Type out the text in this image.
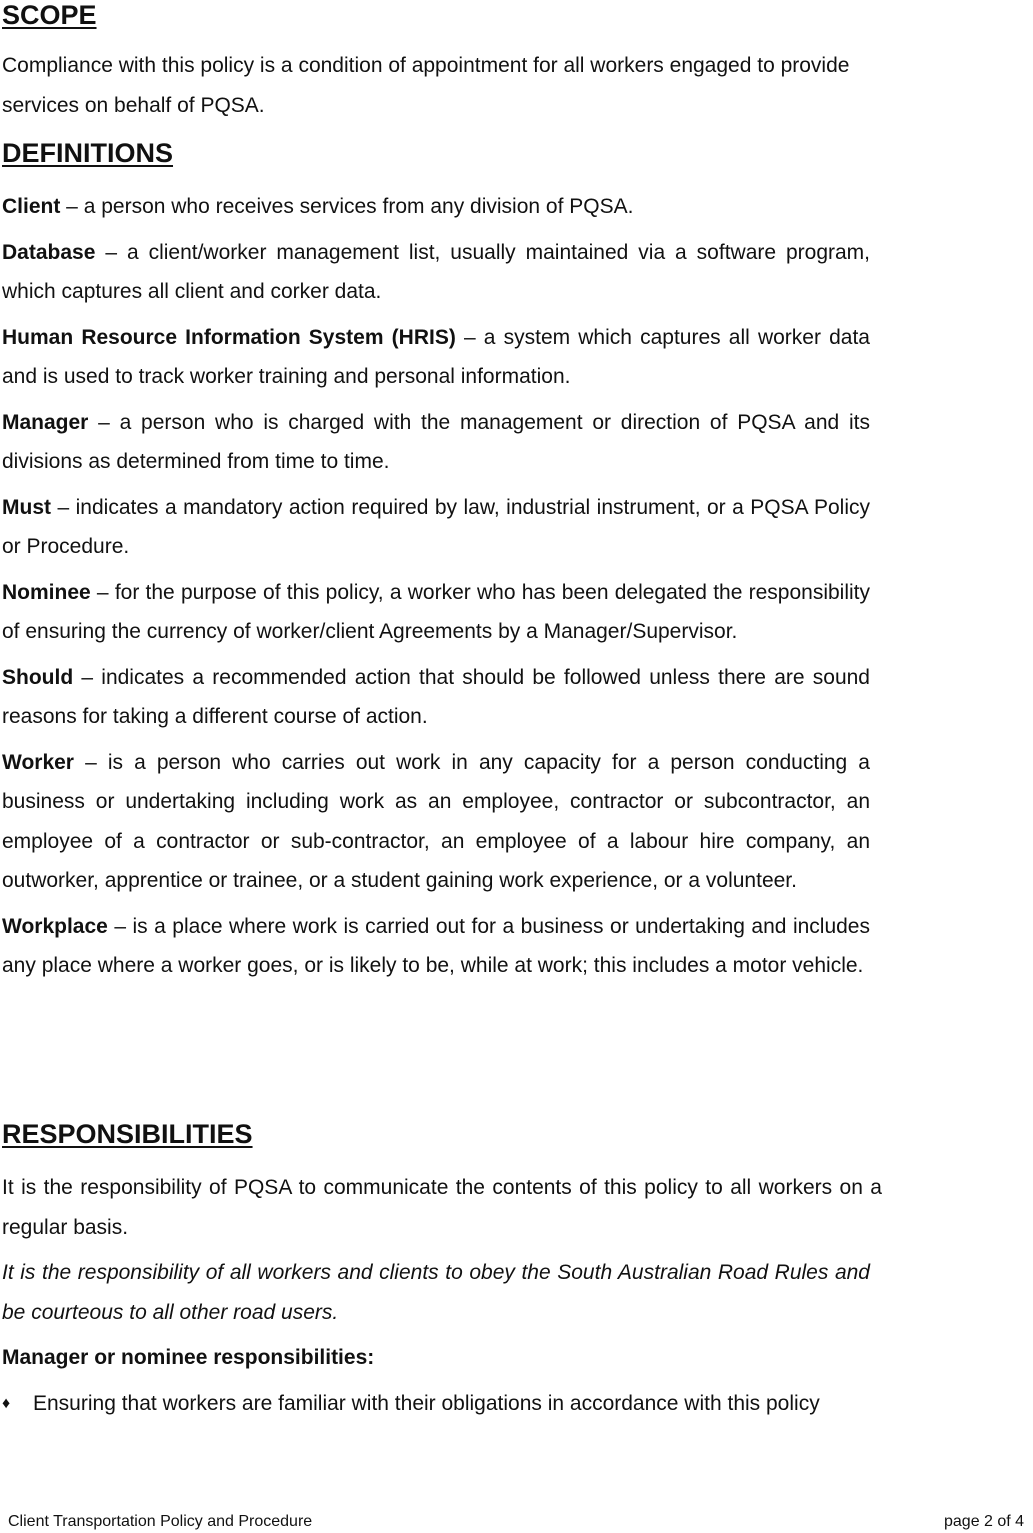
SCOPE

Compliance with this policy is a condition of appointment for all workers engaged to provide services on behalf of PQSA.

DEFINITIONS

Client – a person who receives services from any division of PQSA.

Database – a client/worker management list, usually maintained via a software program, which captures all client and corker data.

Human Resource Information System (HRIS) – a system which captures all worker data and is used to track worker training and personal information.

Manager – a person who is charged with the management or direction of PQSA and its divisions as determined from time to time.

Must – indicates a mandatory action required by law, industrial instrument, or a PQSA Policy or Procedure.

Nominee – for the purpose of this policy, a worker who has been delegated the responsibility of ensuring the currency of worker/client Agreements by a Manager/Supervisor.

Should – indicates a recommended action that should be followed unless there are sound reasons for taking a different course of action.

Worker – is a person who carries out work in any capacity for a person conducting a business or undertaking including work as an employee, contractor or subcontractor, an employee of a contractor or sub-contractor, an employee of a labour hire company, an outworker, apprentice or trainee, or a student gaining work experience, or a volunteer.

Workplace – is a place where work is carried out for a business or undertaking and includes any place where a worker goes, or is likely to be, while at work; this includes a motor vehicle.

RESPONSIBILITIES

It is the responsibility of PQSA to communicate the contents of this policy to all workers on a regular basis.

It is the responsibility of all workers and clients to obey the South Australian Road Rules and be courteous to all other road users.

Manager or nominee responsibilities:

♦ Ensuring that workers are familiar with their obligations in accordance with this policy
Client Transportation Policy and Procedure	page 2 of 4
